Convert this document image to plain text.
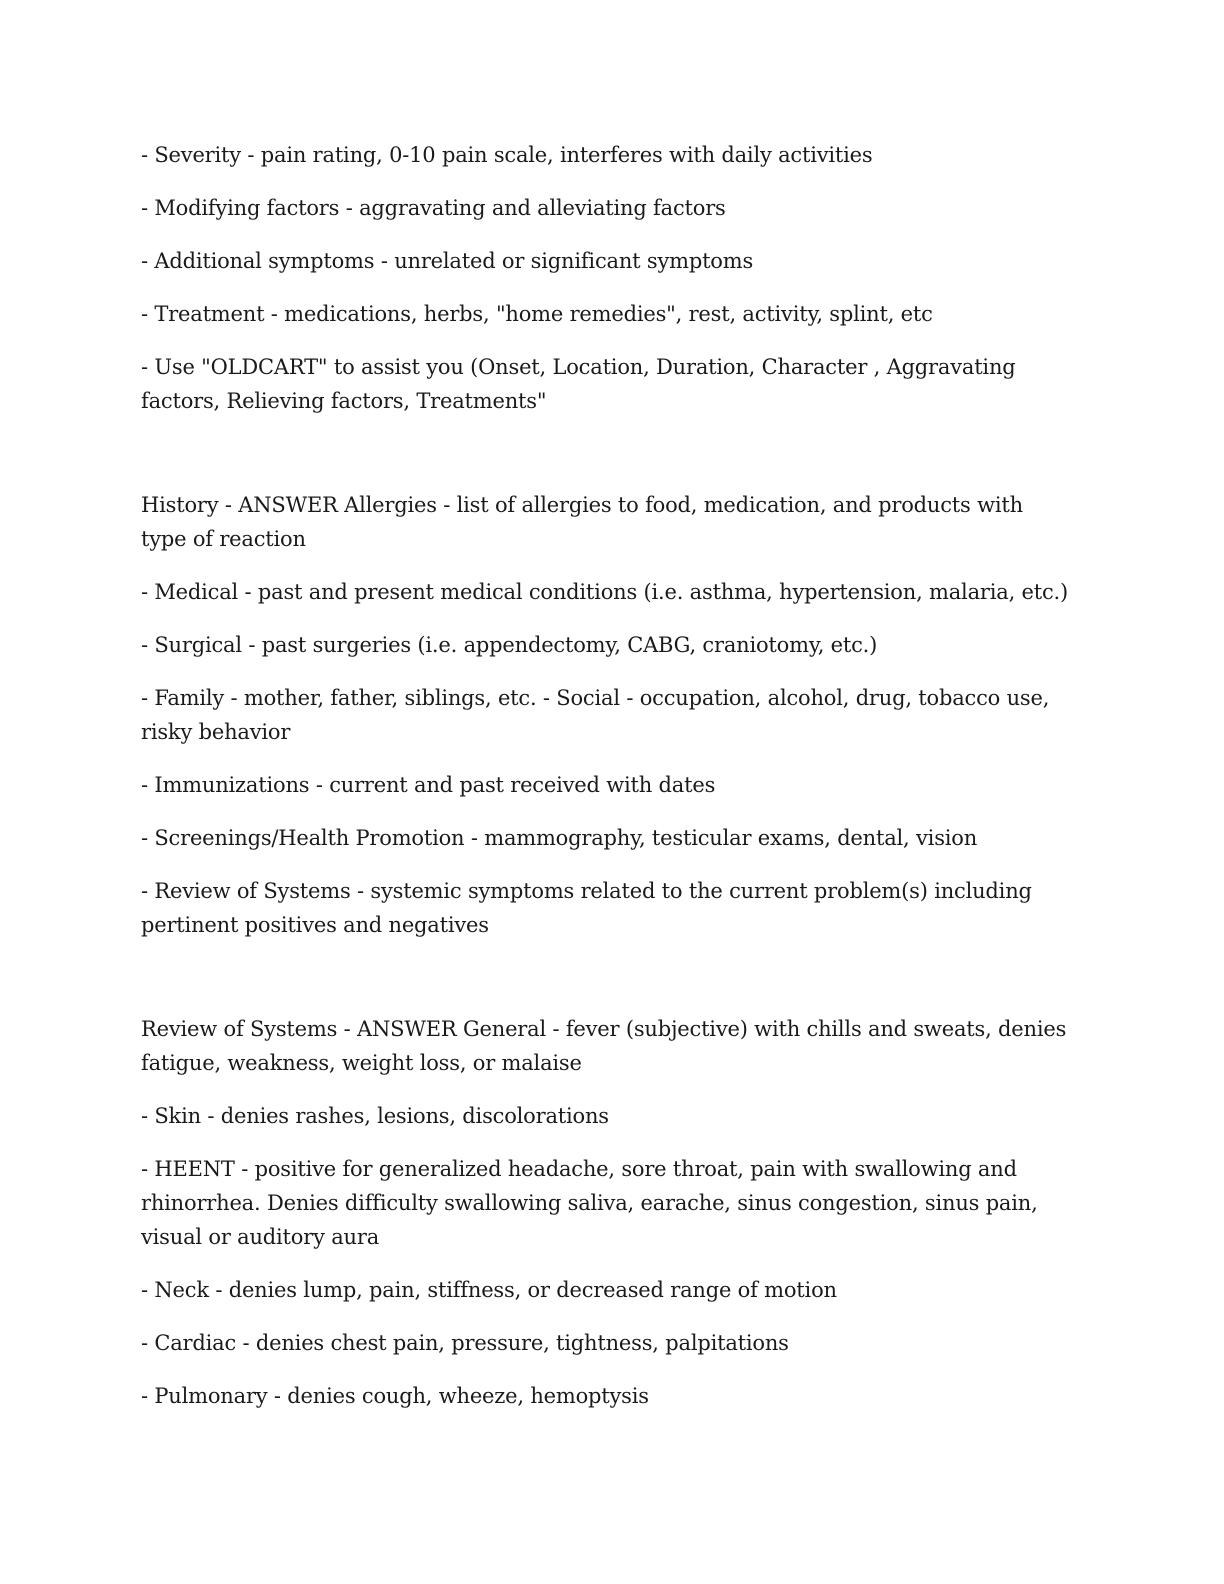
- Severity - pain rating, 0-10 pain scale, interferes with daily activities

- Modifying factors - aggravating and alleviating factors

- Additional symptoms - unrelated or significant symptoms

- Treatment - medications, herbs, "home remedies", rest, activity, splint, etc

- Use "OLDCART" to assist you (Onset, Location, Duration, Character , Aggravating factors, Relieving factors, Treatments"

History - ANSWER Allergies - list of allergies to food, medication, and products with type of reaction

- Medical - past and present medical conditions (i.e. asthma, hypertension, malaria, etc.)

- Surgical - past surgeries (i.e. appendectomy, CABG, craniotomy, etc.)

- Family - mother, father, siblings, etc. - Social - occupation, alcohol, drug, tobacco use, risky behavior

- Immunizations - current and past received with dates

- Screenings/Health Promotion - mammography, testicular exams, dental, vision

- Review of Systems - systemic symptoms related to the current problem(s) including pertinent positives and negatives

Review of Systems - ANSWER General - fever (subjective) with chills and sweats, denies fatigue, weakness, weight loss, or malaise

- Skin - denies rashes, lesions, discolorations

- HEENT - positive for generalized headache, sore throat, pain with swallowing and rhinorrhea. Denies difficulty swallowing saliva, earache, sinus congestion, sinus pain, visual or auditory aura

- Neck - denies lump, pain, stiffness, or decreased range of motion

- Cardiac - denies chest pain, pressure, tightness, palpitations

- Pulmonary - denies cough, wheeze, hemoptysis
